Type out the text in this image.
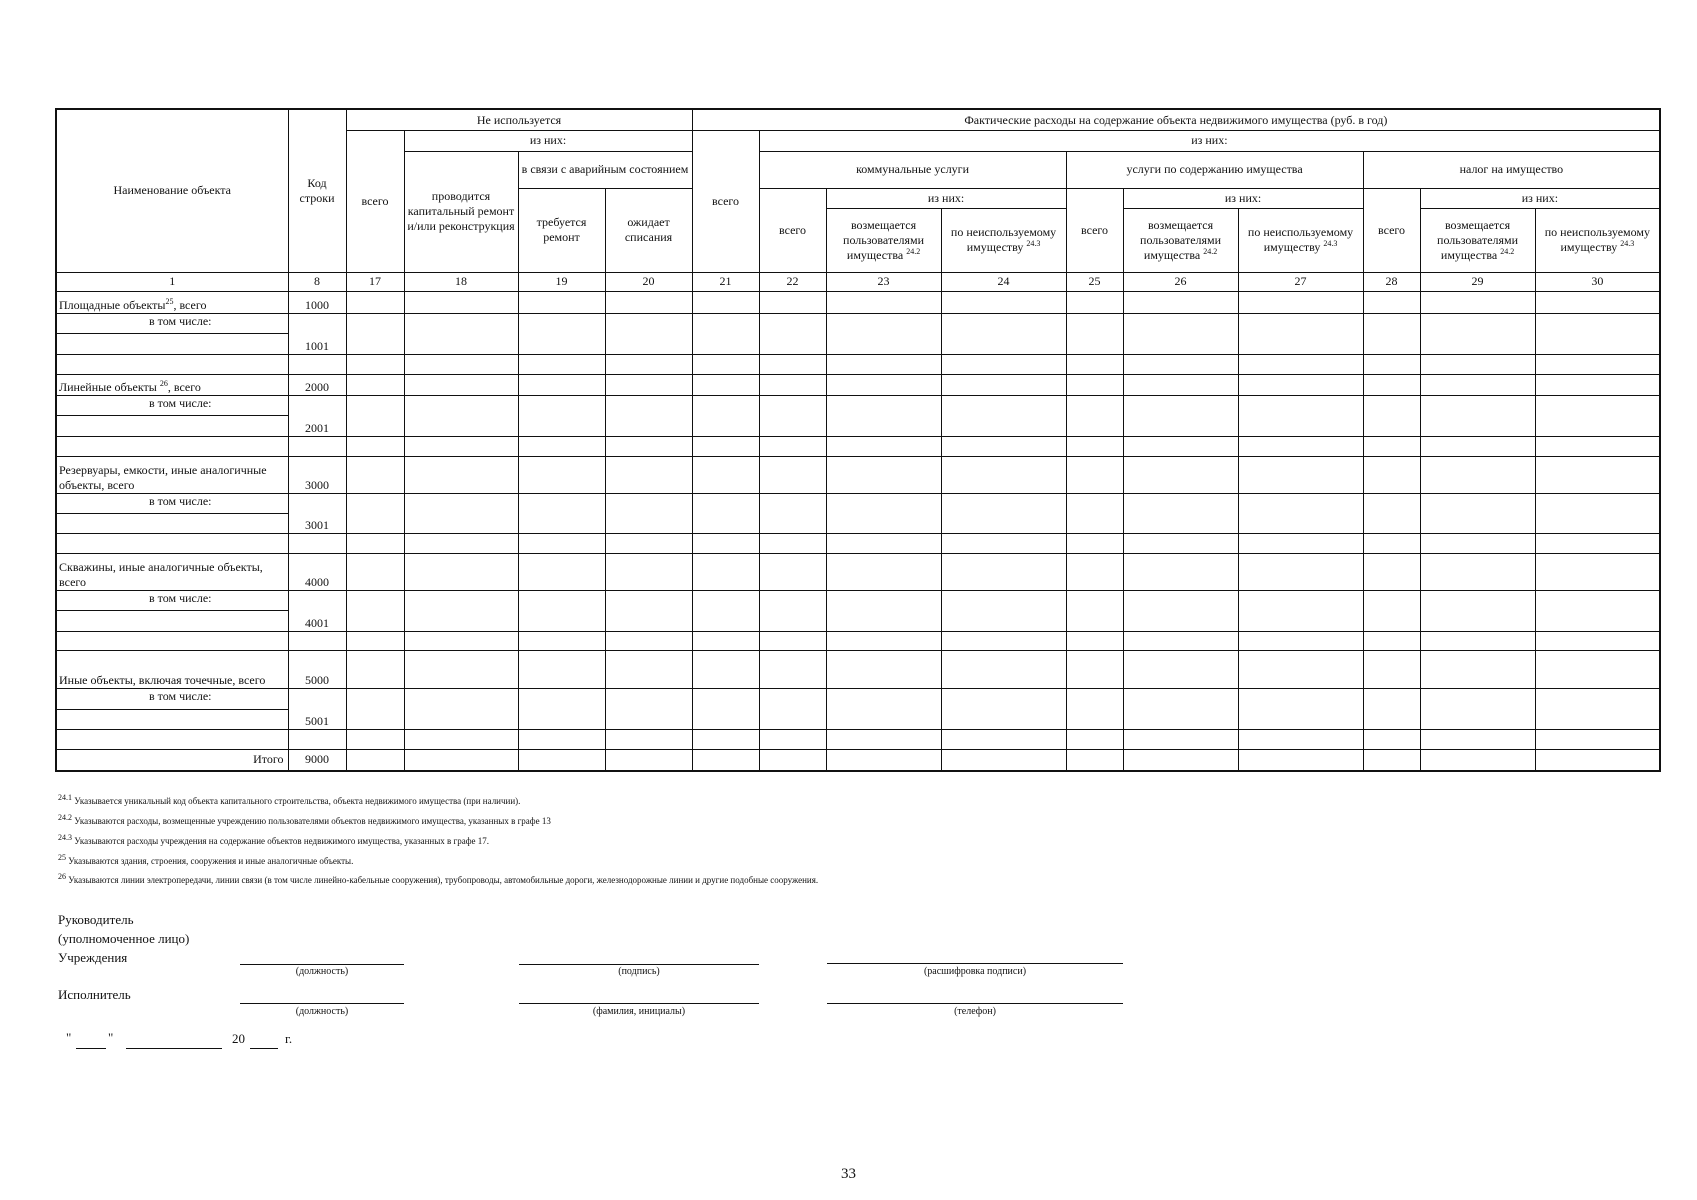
Наименование объекта	Код строки	Не используется				Фактические расходы на содержание объекта недвижимого имущества (руб. в год)									
		всего	из них:			всего	из них:								
			проводится капитальный ремонт и/или реконструкция	в связи с аварийным состоянием			коммунальные услуги			услуги по содержанию имущества			налог на имущество		
				требуется ремонт	ожидает списания		всего	из них:		всего	из них:		всего	из них:	
								возмещается пользователями имущества $^{24.2}$	по неиспользуемому имуществу $^{24.3}$		возмещается пользователями имущества $^{24.2}$	по неиспользуемому имуществу $^{24.3}$		возмещается пользователями имущества $^{24.2}$	по неиспользуемому имуществу $^{24.3}$
1	8	17	18	19	20	21	22	23	24	25	26	27	28	29	30
Площадные объекты$^{25}$, всего	1000														
в том числе:	1001														

Линейные объекты $^{26}$, всего	2000														
в том числе:	2001														

Резервуары, емкости, иные аналогичные объекты, всего	3000														
в том числе:	3001														

Скважины, иные аналогичные объекты, всего	4000														
в том числе:	4001														

Иные объекты, включая точечные, всего	5000														
в том числе:	5001														

Итого	9000														
$^{24.1}$ Указывается уникальный код объекта капитального строительства, объекта недвижимого имущества (при наличии).
$^{24.2}$ Указываются расходы, возмещенные учреждению пользователями объектов недвижимого имущества, указанных в графе 13
$^{24.3}$ Указываются расходы учреждения на содержание объектов недвижимого имущества, указанных в графе 17.
$^{25}$ Указываются здания, строения, сооружения и иные аналогичные объекты.
$^{26}$ Указываются линии электропередачи, линии связи (в том числе линейно-кабельные сооружения), трубопроводы, автомобильные дороги, железнодорожные линии и другие подобные сооружения.
Руководитель
(уполномоченное лицо)
Учреждения
(должность)	(подпись)	(расшифровка подписи)
Исполнитель
(должность)	(фамилия, инициалы)	(телефон)
"	"	20	г.
33
